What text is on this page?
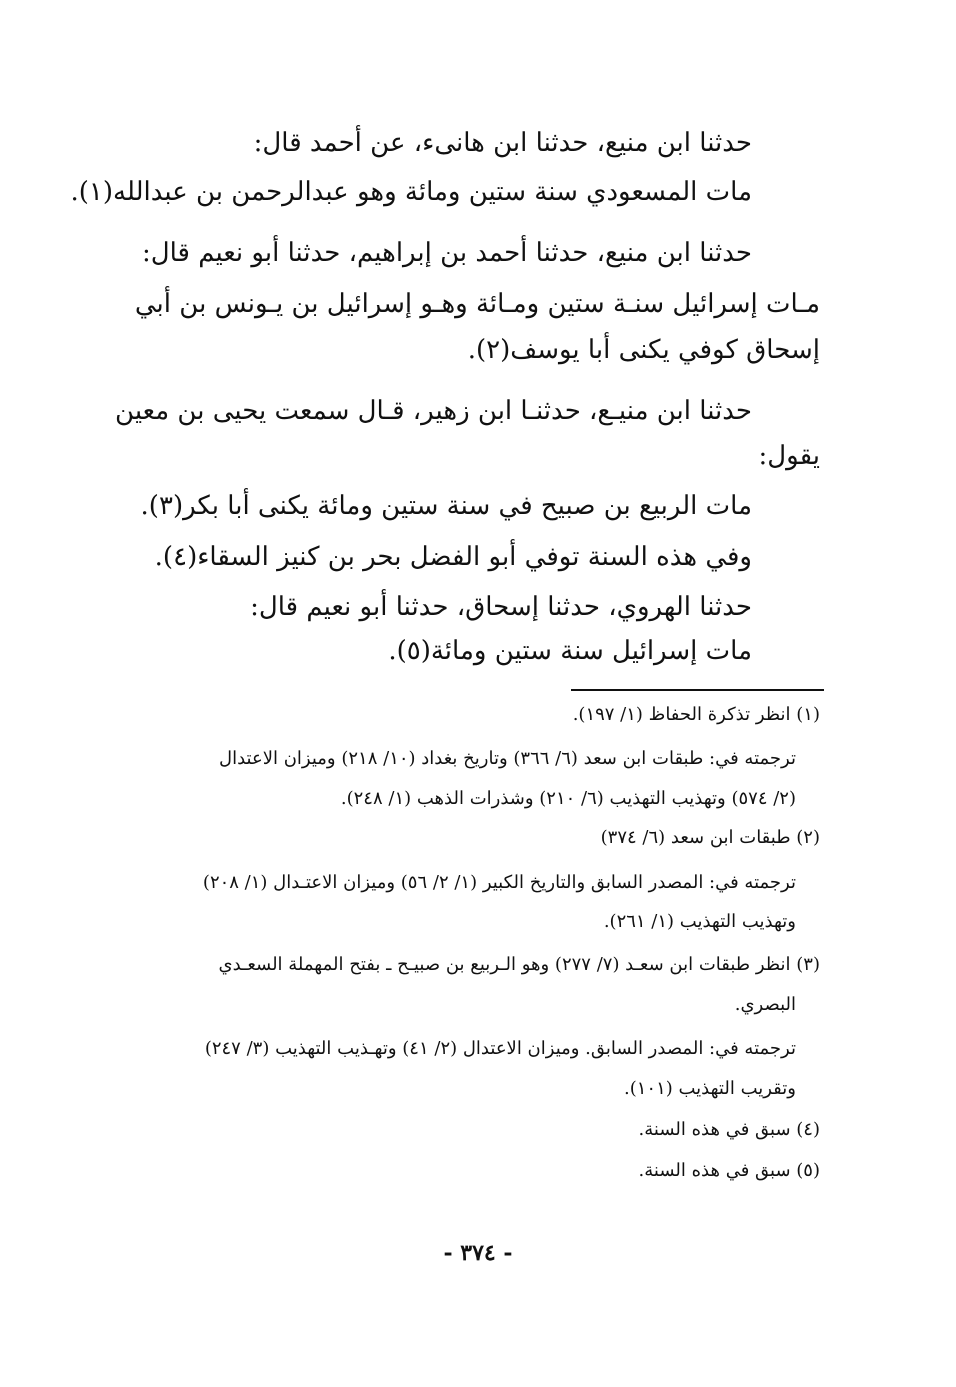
حدثنا ابن منيع، حدثنا ابن هانىء، عن أحمد قال:
مات المسعودي سنة ستين ومائة وهو عبدالرحمن بن عبدالله(١).
حدثنا ابن منيع، حدثنا أحمد بن إبراهيم، حدثنا أبو نعيم قال:
مـات إسرائيل سنـة ستين ومـائة وهـو إسرائيل بن يـونس بن أبي
إسحاق كوفي يكنى أبا يوسف(٢).
حدثنا ابن منيـع، حدثنـا ابن زهير، قـال سمعت يحيى بن معين
يقول:
مات الربيع بن صبيح في سنة ستين ومائة يكنى أبا بكر(٣).
وفي هذه السنة توفي أبو الفضل بحر بن كنيز السقاء(٤).
حدثنا الهروي، حدثنا إسحاق، حدثنا أبو نعيم قال:
مات إسرائيل سنة ستين ومائة(٥).
(١) انظر تذكرة الحفاظ (١/ ١٩٧).
ترجمته في: طبقات ابن سعد (٦/ ٣٦٦) وتاريخ بغداد (١٠/ ٢١٨) وميزان الاعتدال
(٢/ ٥٧٤) وتهذيب التهذيب (٦/ ٢١٠) وشذرات الذهب (١/ ٢٤٨).
(٢) طبقات ابن سعد (٦/ ٣٧٤)
ترجمته في: المصدر السابق والتاريخ الكبير (١/ ٢/ ٥٦) وميزان الاعتـدال (١/ ٢٠٨)
وتهذيب التهذيب (١/ ٢٦١).
(٣) انظر طبقات ابن سعـد (٧/ ٢٧٧) وهو الـربيع بن صبيـح ـ بفتح المهملة السعـدي
البصري.
ترجمته في: المصدر السابق. وميزان الاعتدال (٢/ ٤١) وتهـذيب التهذيب (٣/ ٢٤٧)
وتقريب التهذيب (١٠١).
(٤) سبق في هذه السنة.
(٥) سبق في هذه السنة.
- ٣٧٤ -
